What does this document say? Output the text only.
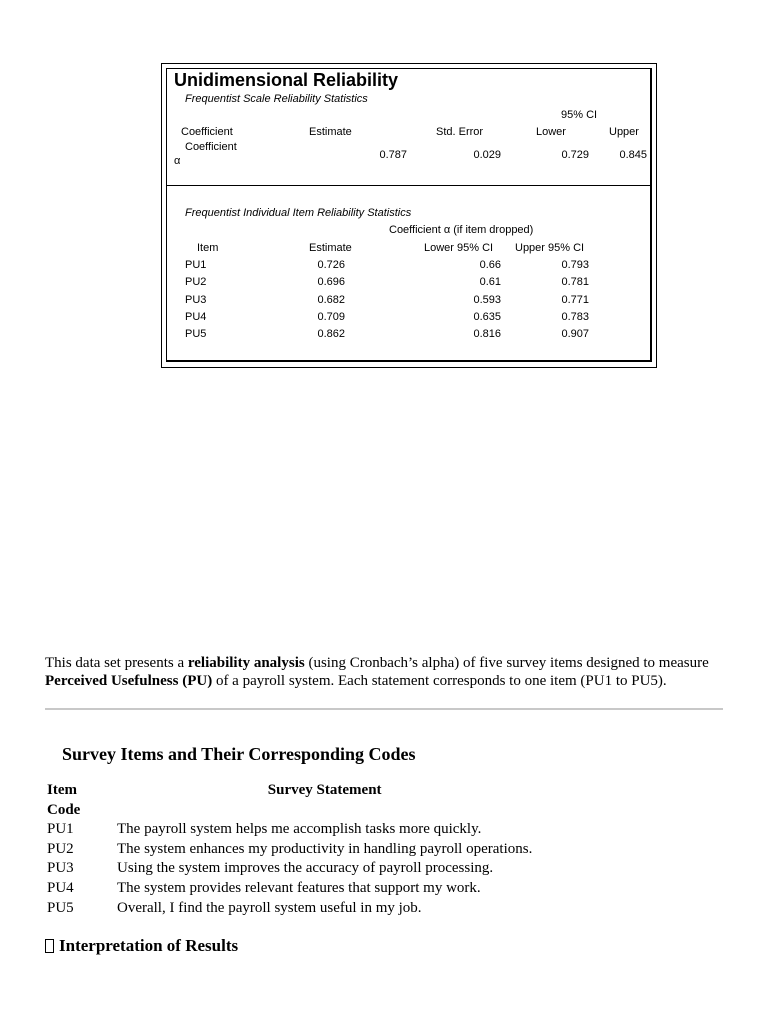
Unidimensional Reliability
Frequentist Scale Reliability Statistics
95% CI
Coefficient	Estimate	Std. Error	Lower	Upper
Coefficient
α	0.787	0.029	0.729	0.845
Frequentist Individual Item Reliability Statistics
Coefficient α (if item dropped)
Item	Estimate	Lower 95% CI Upper 95% CI
PU1	0.726	0.66	0.793
PU2	0.696	0.61	0.781
PU3	0.682	0.593	0.771
PU4	0.709	0.635	0.783
PU5	0.862	0.816	0.907

This data set presents a reliability analysis (using Cronbach’s alpha) of five survey items designed to measure Perceived Usefulness (PU) of a payroll system. Each statement corresponds to one item (PU1 to PU5).

Survey Items and Their Corresponding Codes
Item Code	Survey Statement
PU1	The payroll system helps me accomplish tasks more quickly.
PU2	The system enhances my productivity in handling payroll operations.
PU3	Using the system improves the accuracy of payroll processing.
PU4	The system provides relevant features that support my work.
PU5	Overall, I find the payroll system useful in my job.
Interpretation of Results
